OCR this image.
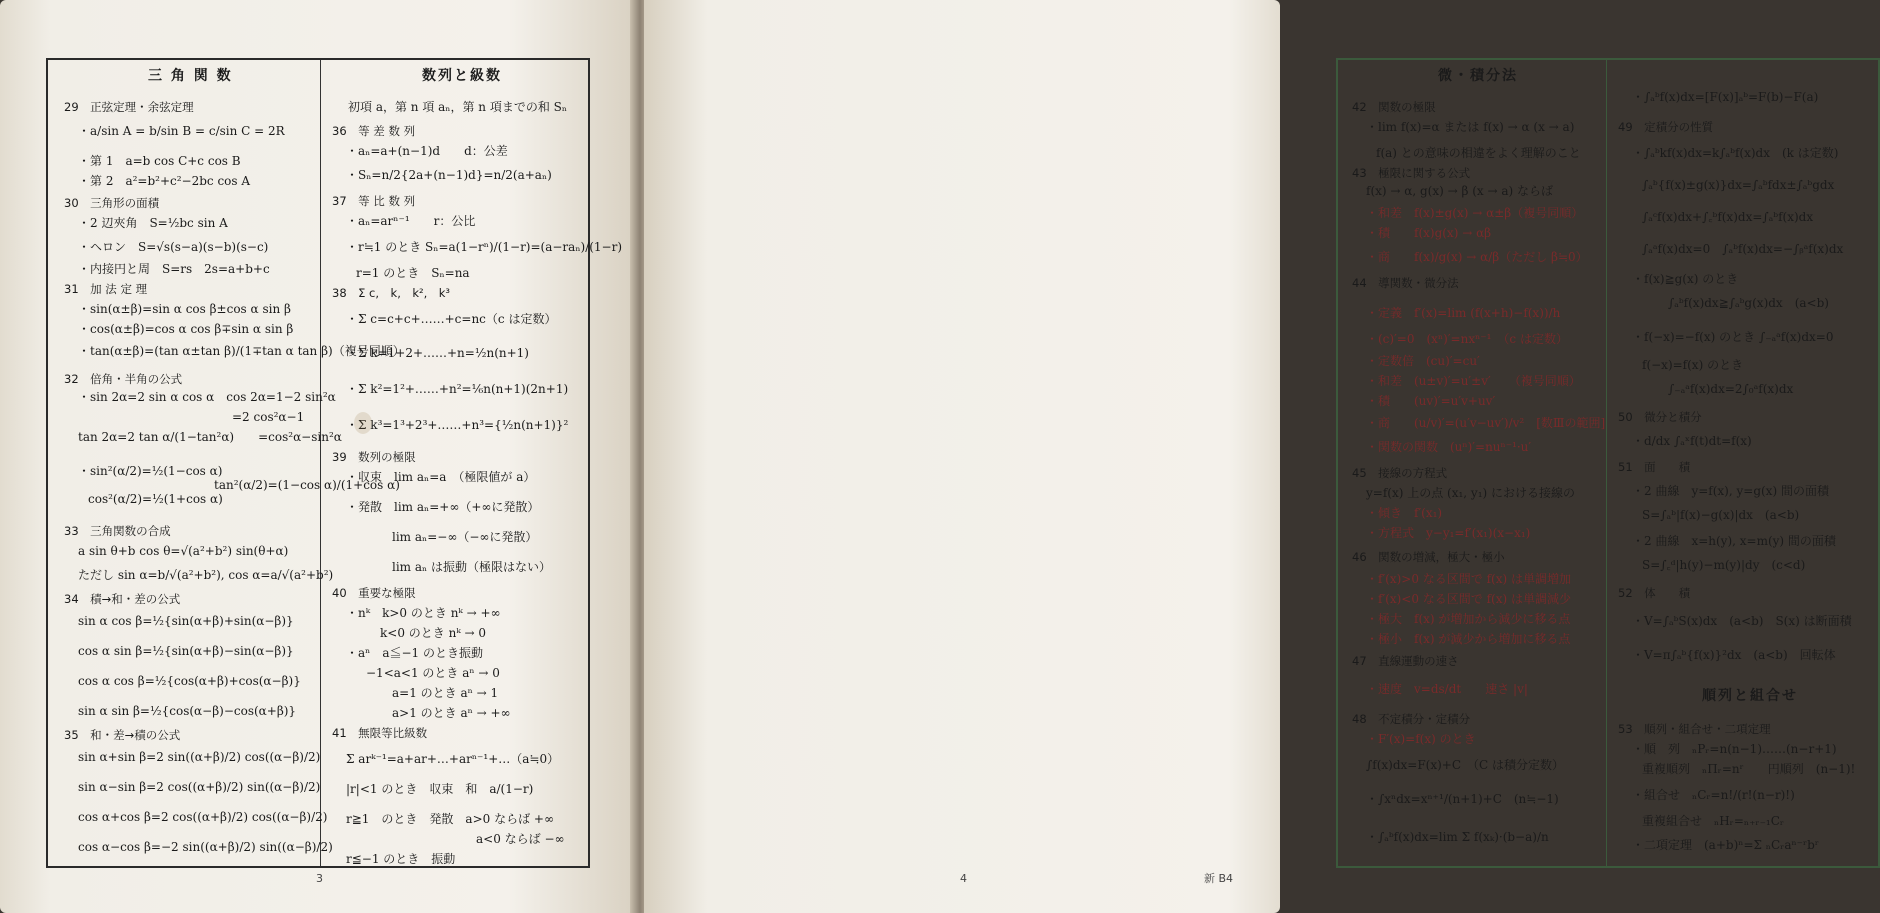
三 角 関 数
29　正弦定理・余弦定理
・a/sin A = b/sin B = c/sin C = 2R
・第 1　a=b cos C+c cos B
・第 2　a²=b²+c²−2bc cos A
30　三角形の面積
・2 辺夾角　S=½bc sin A
・ヘロン　S=√s(s−a)(s−b)(s−c)
・内接円と周　S=rs　2s=a+b+c
31　加 法 定 理
・sin(α±β)=sin α cos β±cos α sin β
・cos(α±β)=cos α cos β∓sin α sin β
・tan(α±β)=(tan α±tan β)/(1∓tan α tan β)（複号同順）
32　倍角・半角の公式
・sin 2α=2 sin α cos α　cos 2α=1−2 sin²α
=2 cos²α−1
tan 2α=2 tan α/(1−tan²α)　　=cos²α−sin²α
・sin²(α/2)=½(1−cos α)
tan²(α/2)=(1−cos α)/(1+cos α)
cos²(α/2)=½(1+cos α)
33　三角関数の合成
a sin θ+b cos θ=√(a²+b²) sin(θ+α)
ただし sin α=b/√(a²+b²), cos α=a/√(a²+b²)
34　積→和・差の公式
sin α cos β=½{sin(α+β)+sin(α−β)}
cos α sin β=½{sin(α+β)−sin(α−β)}
cos α cos β=½{cos(α+β)+cos(α−β)}
sin α sin β=½{cos(α−β)−cos(α+β)}
35　和・差→積の公式
sin α+sin β=2 sin((α+β)/2) cos((α−β)/2)
sin α−sin β=2 cos((α+β)/2) sin((α−β)/2)
cos α+cos β=2 cos((α+β)/2) cos((α−β)/2)
cos α−cos β=−2 sin((α+β)/2) sin((α−β)/2)
数列と級数
初項 a，第 n 項 aₙ，第 n 項までの和 Sₙ
36　等 差 数 列
・aₙ=a+(n−1)d　　d：公差
・Sₙ=n/2{2a+(n−1)d}=n/2(a+aₙ)
37　等 比 数 列
・aₙ=arⁿ⁻¹　　r：公比
・r≒1 のとき Sₙ=a(1−rⁿ)/(1−r)=(a−raₙ)/(1−r)
r=1 のとき　Sₙ=na
38　Σ c,　k,　k²,　k³
・Σ c=c+c+……+c=nc（c は定数）
・Σ k=1+2+……+n=½n(n+1)
・Σ k²=1²+……+n²=⅙n(n+1)(2n+1)
・Σ k³=1³+2³+……+n³={½n(n+1)}²
39　数列の極限
・収束　lim aₙ=a　（極限値が a）
・発散　lim aₙ=+∞（+∞に発散）
lim aₙ=−∞（−∞に発散）
lim aₙ は振動（極限はない）
40　重要な極限
・nᵏ　k>0 のとき nᵏ → +∞
k<0 のとき nᵏ → 0
・aⁿ　a≦−1 のとき振動
−1<a<1 のとき aⁿ → 0
a=1 のとき aⁿ → 1
a>1 のとき aⁿ → +∞
41　無限等比級数
Σ arᵏ⁻¹=a+ar+…+arⁿ⁻¹+…（a≒0）
|r|<1 のとき　収束　和　a/(1−r)
r≧1　のとき　発散　a>0 ならば +∞
a<0 ならば −∞
r≦−1 のとき　振動
3
微・積分法
42　関数の極限
・lim f(x)=α または f(x) → α (x → a)
f(a) との意味の相違をよく理解のこと
43　極限に関する公式
f(x) → α, g(x) → β (x → a) ならば
・和差　f(x)±g(x) → α±β（複号同順）
・積　　f(x)g(x) → αβ
・商　　f(x)/g(x) → α/β（ただし β≒0）
44　導関数・微分法
・定義　f′(x)=lim (f(x+h)−f(x))/h
・(c)′=0　(xⁿ)′=nxⁿ⁻¹　（c は定数）
・定数倍　(cu)′=cu′
・和差　(u±v)′=u′±v′　　（複号同順）
・積　　(uv)′=u′v+uv′
・商　　(u/v)′=(u′v−uv′)/v²　[数Ⅲの範囲]
・関数の関数　(uⁿ)′=nuⁿ⁻¹·u′
45　接線の方程式
y=f(x) 上の点 (x₁, y₁) における接線の
・傾き　f′(x₁)
・方程式　y−y₁=f′(x₁)(x−x₁)
46　関数の増減，極大・極小
・f′(x)>0 なる区間で f(x) は単調増加
・f′(x)<0 なる区間で f(x) は単調減少
・極大　f(x) が増加から減少に移る点
・極小　f(x) が減少から増加に移る点
47　直線運動の速さ
・速度　v=ds/dt　　速さ |v|
48　不定積分・定積分
・F′(x)=f(x) のとき
∫f(x)dx=F(x)+C　（C は積分定数）
・∫xⁿdx=xⁿ⁺¹/(n+1)+C　(n≒−1)
・∫ₐᵇf(x)dx=lim Σ f(xₖ)·(b−a)/n
・∫ₐᵇf(x)dx=[F(x)]ₐᵇ=F(b)−F(a)
49　定積分の性質
・∫ₐᵇkf(x)dx=k∫ₐᵇf(x)dx　(k は定数)
∫ₐᵇ{f(x)±g(x)}dx=∫ₐᵇfdx±∫ₐᵇgdx
∫ₐᶜf(x)dx+∫꜀ᵇf(x)dx=∫ₐᵇf(x)dx
∫ₐᵃf(x)dx=0　∫ₐᵇf(x)dx=−∫ᵦᵃf(x)dx
・f(x)≧g(x) のとき
∫ₐᵇf(x)dx≧∫ₐᵇg(x)dx　(a<b)
・f(−x)=−f(x) のとき ∫₋ₐᵃf(x)dx=0
f(−x)=f(x) のとき
∫₋ₐᵃf(x)dx=2∫₀ᵃf(x)dx
50　微分と積分
・d/dx ∫ₐˣf(t)dt=f(x)
51　面　　積
・2 曲線　y=f(x), y=g(x) 間の面積
S=∫ₐᵇ|f(x)−g(x)|dx　(a<b)
・2 曲線　x=h(y), x=m(y) 間の面積
S=∫꜀ᵈ|h(y)−m(y)|dy　(c<d)
52　体　　積
・V=∫ₐᵇS(x)dx　(a<b)　S(x) は断面積
・V=π∫ₐᵇ{f(x)}²dx　(a<b)　回転体
順列と組合せ
53　順列・組合せ・二項定理
・順　列　ₙPᵣ=n(n−1)……(n−r+1)
重複順列　ₙΠᵣ=nʳ　　円順列　(n−1)!
・組合せ　ₙCᵣ=n!/(r!(n−r)!)
重複組合せ　ₙHᵣ=ₙ₊ᵣ₋₁Cᵣ
・二項定理　(a+b)ⁿ=Σ ₙCᵣaⁿ⁻ʳbʳ
4	新 B4
